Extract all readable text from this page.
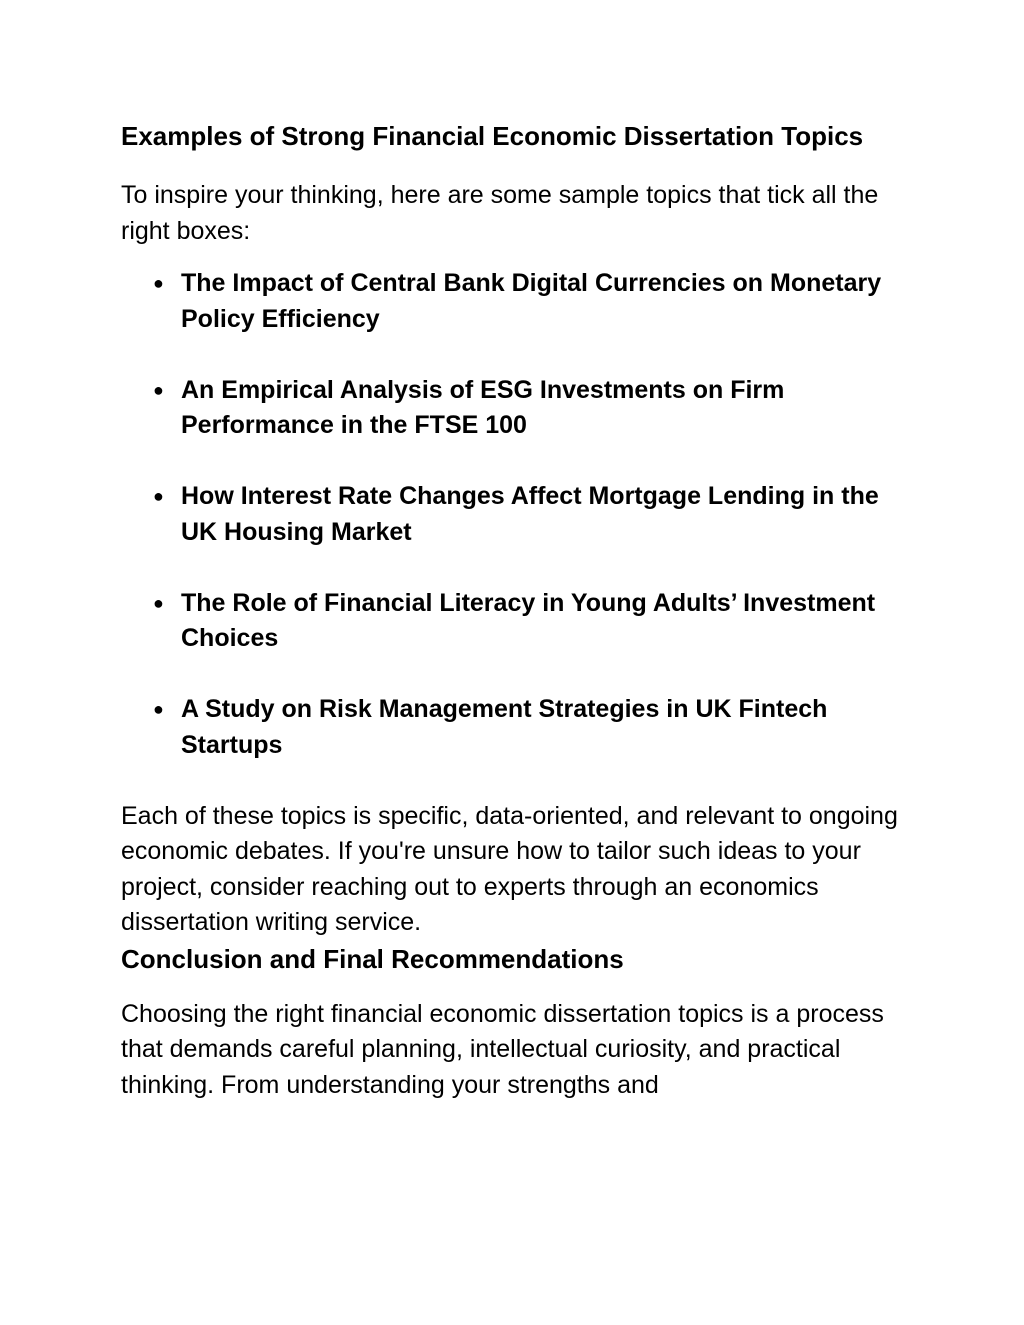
Examples of Strong Financial Economic Dissertation Topics

To inspire your thinking, here are some sample topics that tick all the right boxes:

● The Impact of Central Bank Digital Currencies on Monetary Policy Efficiency
● An Empirical Analysis of ESG Investments on Firm Performance in the FTSE 100
● How Interest Rate Changes Affect Mortgage Lending in the UK Housing Market
● The Role of Financial Literacy in Young Adults’ Investment Choices
● A Study on Risk Management Strategies in UK Fintech Startups

Each of these topics is specific, data-oriented, and relevant to ongoing economic debates. If you're unsure how to tailor such ideas to your project, consider reaching out to experts through an economics dissertation writing service.

Conclusion and Final Recommendations

Choosing the right financial economic dissertation topics is a process that demands careful planning, intellectual curiosity, and practical thinking. From understanding your strengths and
